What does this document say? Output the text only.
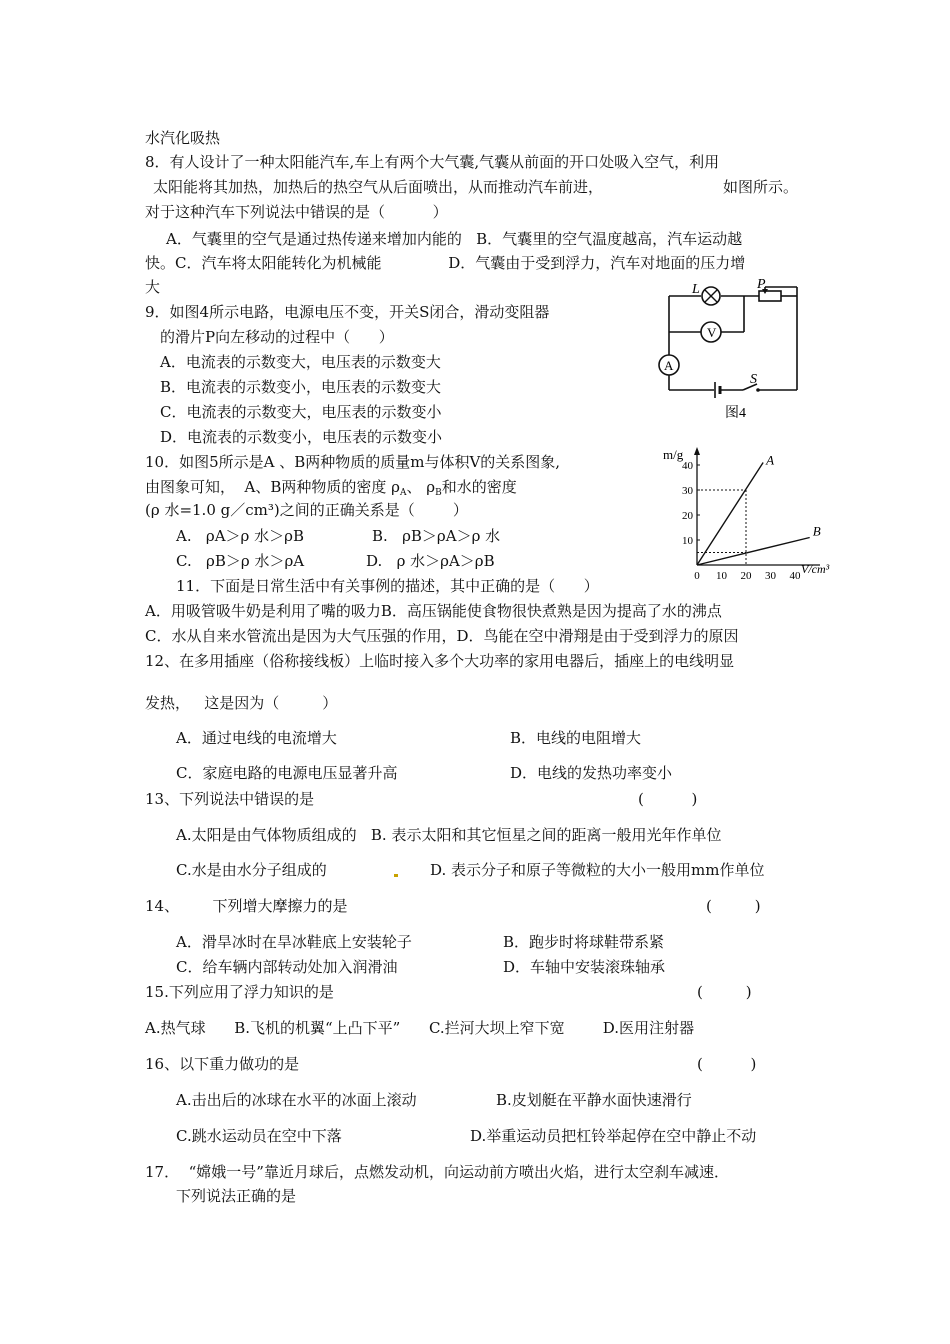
水汽化吸热
8．有人设计了一种太阳能汽车,车上有两个大气囊,气囊从前面的开口处吸入空气，利用
太阳能将其加热，加热后的热空气从后面喷出，从而推动汽车前进，	如图所示。
对于这种汽车下列说法中错误的是（          ）
A．气囊里的空气是通过热传递来增加内能的   B．气囊里的空气温度越高，汽车运动越
快。C．汽车将太阳能转化为机械能              D．气囊由于受到浮力，汽车对地面的压力增
大
9．如图4所示电路，电源电压不变，开关S闭合，滑动变阻器
的滑片P向左移动的过程中（      ）
A．电流表的示数变大，电压表的示数变大
B．电流表的示数变小，电压表的示数变大
C．电流表的示数变大，电压表的示数变小
D．电流表的示数变小，电压表的示数变小
10．如图5所示是A 、B两种物质的质量m与体积V的关系图象,
由图象可知，  A、B两种物质的密度 $\rho_A$、 $\rho_B$和水的密度
(ρ 水=1.0 g／cm³)之间的正确关系是（        ）
A.   ρA＞ρ 水＞ρB	B.   ρB＞ρA＞ρ 水
C.   ρB＞ρ 水＞ρA	D.   ρ 水＞ρA＞ρB
11．下面是日常生活中有关事例的描述，其中正确的是（      ）
A．用吸管吸牛奶是利用了嘴的吸力B．高压锅能使食物很快煮熟是因为提高了水的沸点
C．水从自来水管流出是因为大气压强的作用，D．鸟能在空中滑翔是由于受到浮力的原因
12、在多用插座（俗称接线板）上临时接入多个大功率的家用电器后，插座上的电线明显
发热，   这是因为（         ）
A．通过电线的电流增大	B．电线的电阻增大
C．家庭电路的电源电压显著升高	D．电线的发热功率变小
13、下列说法中错误的是	(          )
A.太阳是由气体物质组成的   B. 表示太阳和其它恒星之间的距离一般用光年作单位
C.水是由水分子组成的	D. 表示分子和原子等微粒的大小一般用mm作单位
14、       下列增大摩擦力的是	(         )
A．滑旱冰时在旱冰鞋底上安装轮子	B．跑步时将球鞋带系紧
C．给车辆内部转动处加入润滑油	D．车轴中安装滚珠轴承
15.下列应用了浮力知识的是	(         )
A.热气球      B.飞机的机翼“上凸下平”      C.拦河大坝上窄下宽        D.医用注射器
16、以下重力做功的是	(          )
A.击出后的冰球在水平的冰面上滚动	B.皮划艇在平静水面快速滑行
C.跳水运动员在空中下落	D.举重运动员把杠铃举起停在空中静止不动
17．  “嫦娥一号”靠近月球后，点燃发动机，向运动前方喷出火焰，进行太空刹车减速．
下列说法正确的是
L	P
V
A
S
图4
m/g
V/cm³
10
20
30
40
0 10 20 30 40
A
B
